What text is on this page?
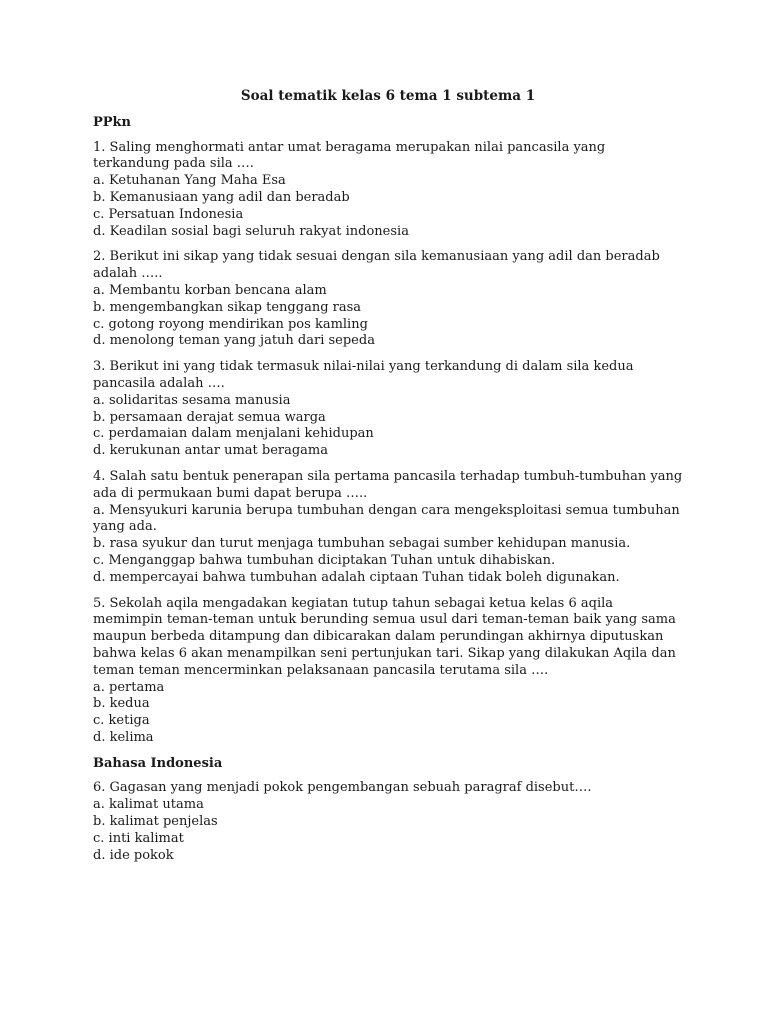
Soal tematik kelas 6 tema 1 subtema 1
PPkn
1. Saling menghormati antar umat beragama merupakan nilai pancasila yang terkandung pada sila ….
a. Ketuhanan Yang Maha Esa
b. Kemanusiaan yang adil dan beradab
c. Persatuan Indonesia
d. Keadilan sosial bagi seluruh rakyat indonesia
2. Berikut ini sikap yang tidak sesuai dengan sila kemanusiaan yang adil dan beradab adalah …..
a. Membantu korban bencana alam
b. mengembangkan sikap tenggang rasa
c. gotong royong mendirikan pos kamling
d. menolong teman yang jatuh dari sepeda
3. Berikut ini yang tidak termasuk nilai-nilai yang terkandung di dalam sila kedua pancasila adalah ….
a. solidaritas sesama manusia
b. persamaan derajat semua warga
c. perdamaian dalam menjalani kehidupan
d. kerukunan antar umat beragama
4. Salah satu bentuk penerapan sila pertama pancasila terhadap tumbuh-tumbuhan yang ada di permukaan bumi dapat berupa …..
a. Mensyukuri karunia berupa tumbuhan dengan cara mengeksploitasi semua tumbuhan yang ada.
b. rasa syukur dan turut menjaga tumbuhan sebagai sumber kehidupan manusia.
c. Menganggap bahwa tumbuhan diciptakan Tuhan untuk dihabiskan.
d. mempercayai bahwa tumbuhan adalah ciptaan Tuhan tidak boleh digunakan.
5. Sekolah aqila mengadakan kegiatan tutup tahun sebagai ketua kelas 6 aqila memimpin teman-teman untuk berunding semua usul dari teman-teman baik yang sama maupun berbeda ditampung dan dibicarakan dalam perundingan akhirnya diputuskan bahwa kelas 6 akan menampilkan seni pertunjukan tari. Sikap yang dilakukan Aqila dan teman teman mencerminkan pelaksanaan pancasila terutama sila ….
a. pertama
b. kedua
c. ketiga
d. kelima
Bahasa Indonesia
6. Gagasan yang menjadi pokok pengembangan sebuah paragraf disebut….
a. kalimat utama
b. kalimat penjelas
c. inti kalimat
d. ide pokok
